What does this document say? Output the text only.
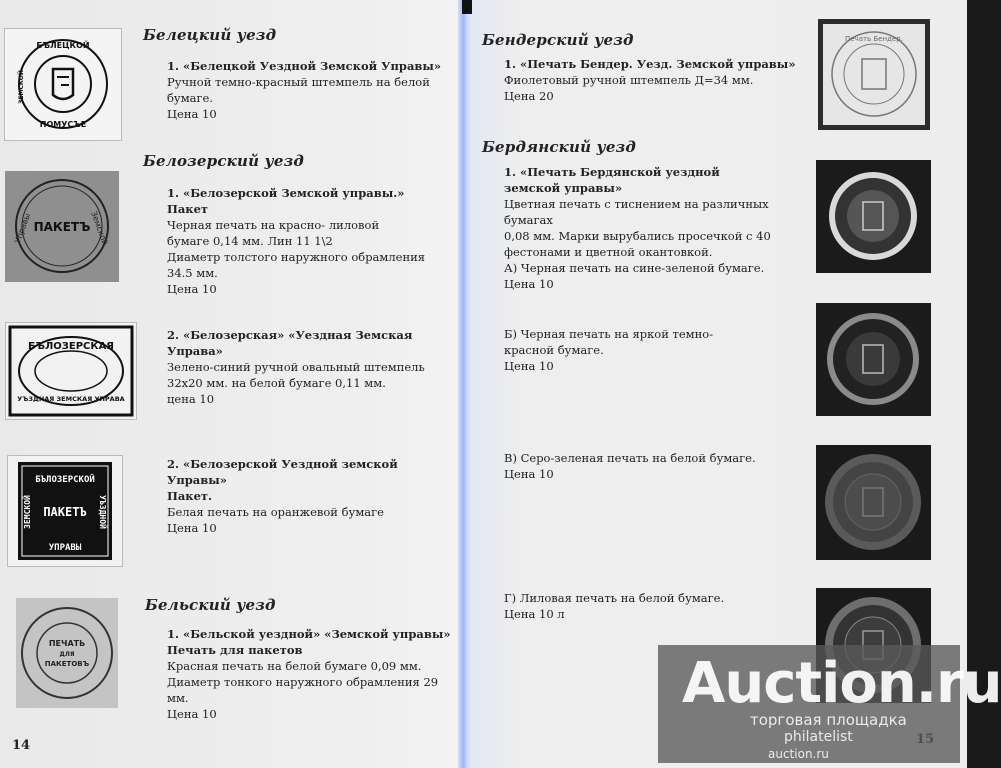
Белецкий уезд
БЪЛЕЦКОЙ
ПОМУСЪЕ
ЗЕМСКОЙ
1. «Белецкой Уездной Земской Управы»
Ручной темно-красный штемпель на белой
бумаге.
Цена 10
Белозерский уезд
ПАКЕТЪ
Управы	Земской
1. «Белозерской Земской управы.»
Пакет
Черная печать на красно- лиловой
бумаге 0,14 мм. Лин 11 1\2
Диаметр толстого наружного обрамления
34.5 мм.
Цена 10
БЪЛОЗЕРСКАЯ
УЪЗДНАЯ ЗЕМСКАЯ УПРАВА
2. «Белозерская» «Уездная Земская Управа»
Зелено-синий ручной овальный штемпель
32х20 мм. на белой бумаге 0,11 мм.
цена 10
БЪЛОЗЕРСКОЙ
ПАКЕТЪ
УПРАВЫ
ЗЕМСКОЙ	УЪЗДНОЙ
2. «Белозерской Уездной земской Управы»
Пакет.
Белая печать на оранжевой бумаге
Цена 10
Бельский уезд
ПЕЧАТЬ
ДЛЯ
ПАКЕТОВЪ
1. «Бельской уездной» «Земской управы»
Печать для пакетов
Красная печать на белой бумаге 0,09 мм.
Диаметр тонкого наружного обрамления 29 мм.
Цена 10
14
Бендерский уезд
1. «Печать Бендер. Уезд. Земской управы»
Фиолетовый ручной штемпель Д=34 мм.
Цена 20
Печать Бендер.
Бердянский уезд
1. «Печать Бердянской уездной
земской управы»
Цветная печать с тиснением на различных бумагах
0,08 мм. Марки вырубались просечкой с 40
фестонами и цветной окантовкой.
А) Черная печать на сине-зеленой бумаге.
Цена 10
Б) Черная печать на яркой темно-
красной бумаге.
Цена 10
В) Серо-зеленая печать на белой бумаге.
Цена 10
Г) Лиловая печать на белой бумаге.
Цена 10 л
Auction.ru
торговая площадка
philatelist
auction.ru
